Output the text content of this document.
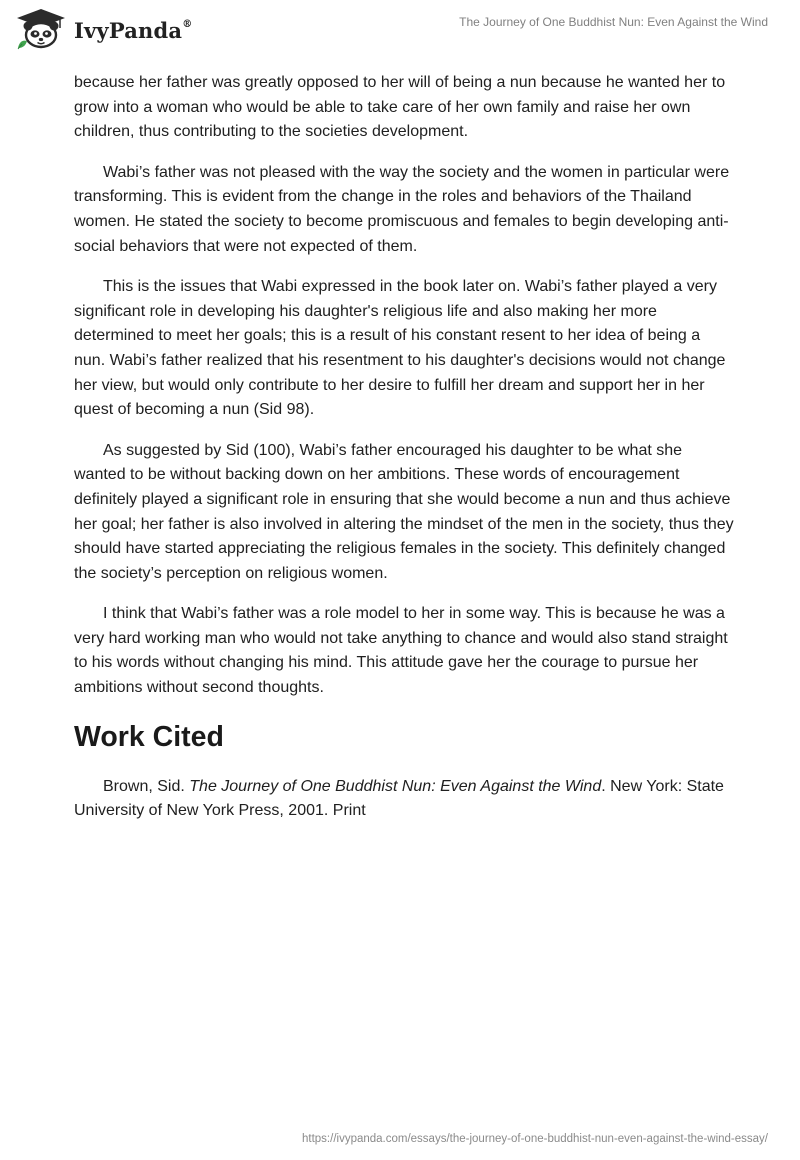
IvyPanda®	The Journey of One Buddhist Nun: Even Against the Wind

because her father was greatly opposed to her will of being a nun because he wanted her to grow into a woman who would be able to take care of her own family and raise her own children, thus contributing to the societies development.

Wabi’s father was not pleased with the way the society and the women in particular were transforming. This is evident from the change in the roles and behaviors of the Thailand women. He stated the society to become promiscuous and females to begin developing anti-social behaviors that were not expected of them.

This is the issues that Wabi expressed in the book later on. Wabi’s father played a very significant role in developing his daughter's religious life and also making her more determined to meet her goals; this is a result of his constant resent to her idea of being a nun. Wabi’s father realized that his resentment to his daughter's decisions would not change her view, but would only contribute to her desire to fulfill her dream and support her in her quest of becoming a nun (Sid 98).

As suggested by Sid (100), Wabi’s father encouraged his daughter to be what she wanted to be without backing down on her ambitions. These words of encouragement definitely played a significant role in ensuring that she would become a nun and thus achieve her goal; her father is also involved in altering the mindset of the men in the society, thus they should have started appreciating the religious females in the society. This definitely changed the society’s perception on religious women.

I think that Wabi’s father was a role model to her in some way. This is because he was a very hard working man who would not take anything to chance and would also stand straight to his words without changing his mind. This attitude gave her the courage to pursue her ambitions without second thoughts.

Work Cited

Brown, Sid. The Journey of One Buddhist Nun: Even Against the Wind. New York: State University of New York Press, 2001. Print

https://ivypanda.com/essays/the-journey-of-one-buddhist-nun-even-against-the-wind-essay/
